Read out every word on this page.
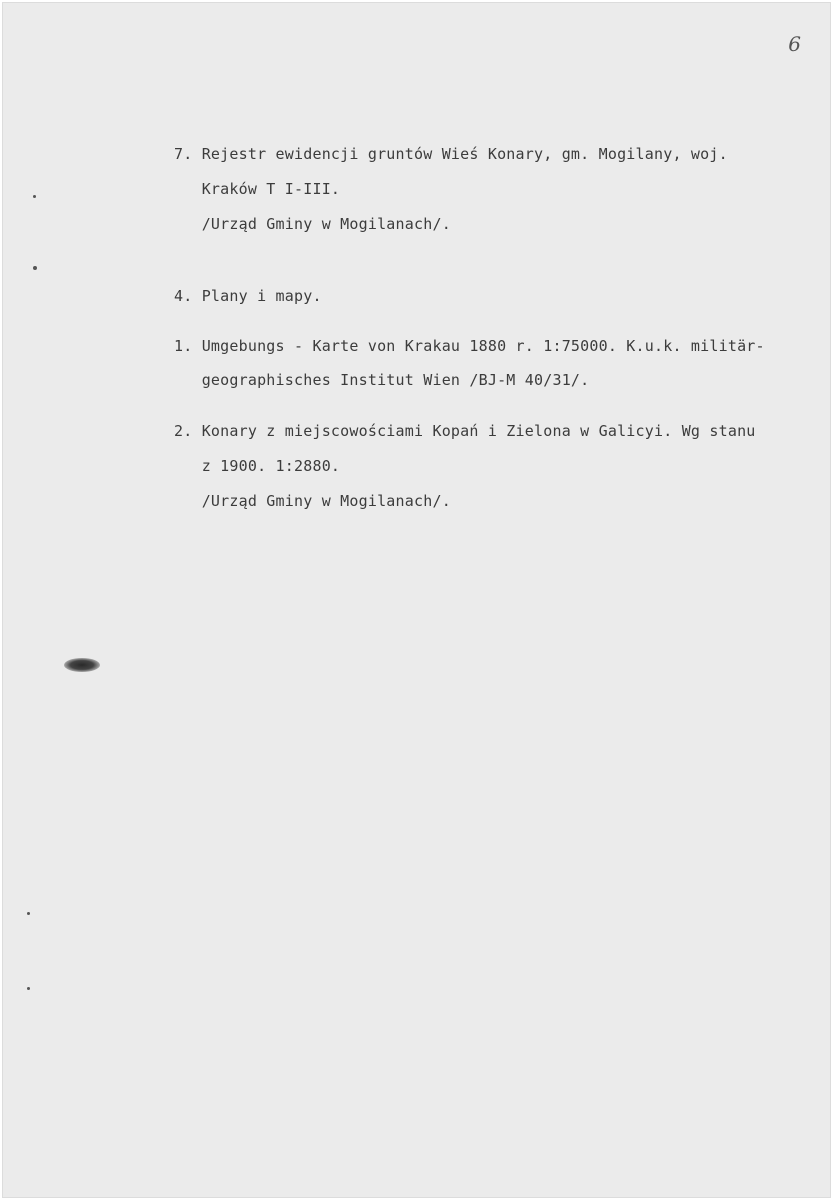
6
7. Rejestr ewidencji gruntów Wieś Konary, gm. Mogilany, woj.
Kraków T I-III.
/Urząd Gminy w Mogilanach/.
4. Plany i mapy.
1. Umgebungs - Karte von Krakau 1880 r. 1:75000. K.u.k. militär-
geographisches Institut Wien /BJ-M 40/31/.
2. Konary z miejscowościami Kopań i Zielona w Galicyi. Wg stanu
z 1900. 1:2880.
/Urząd Gminy w Mogilanach/.
